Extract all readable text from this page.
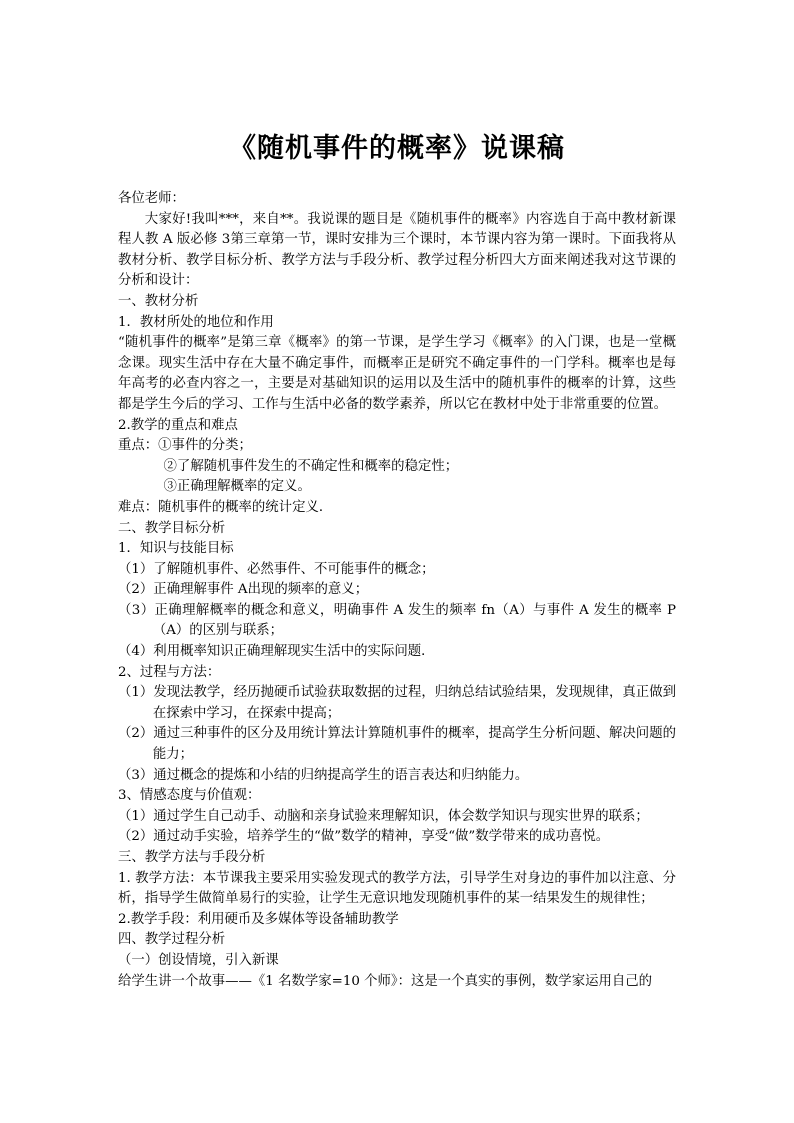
《随机事件的概率》说课稿

各位老师：

大家好!我叫***，来自**。我说课的题目是《随机事件的概率》内容选自于高中教材新课程人教 A 版必修 3第三章第一节，课时安排为三个课时，本节课内容为第一课时。下面我将从教材分析、教学目标分析、教学方法与手段分析、教学过程分析四大方面来阐述我对这节课的分析和设计：

一、教材分析

1．教材所处的地位和作用

“随机事件的概率”是第三章《概率》的第一节课，是学生学习《概率》的入门课，也是一堂概念课。现实生活中存在大量不确定事件，而概率正是研究不确定事件的一门学科。概率也是每年高考的必查内容之一，主要是对基础知识的运用以及生活中的随机事件的概率的计算，这些都是学生今后的学习、工作与生活中必备的数学素养，所以它在教材中处于非常重要的位置。

2.教学的重点和难点

重点：①事件的分类；

②了解随机事件发生的不确定性和概率的稳定性；

③正确理解概率的定义。

难点：随机事件的概率的统计定义．

二、教学目标分析

1．知识与技能目标

（1）了解随机事件、必然事件、不可能事件的概念；

（2）正确理解事件 A出现的频率的意义；

（3）正确理解概率的概念和意义，明确事件 A 发生的频率 fn（A）与事件 A 发生的概率 P（A）的区别与联系；

（4）利用概率知识正确理解现实生活中的实际问题．

2、过程与方法：

（1）发现法教学，经历抛硬币试验获取数据的过程，归纳总结试验结果，发现规律，真正做到在探索中学习，在探索中提高；

（2）通过三种事件的区分及用统计算法计算随机事件的概率，提高学生分析问题、解决问题的能力；

（3）通过概念的提炼和小结的归纳提高学生的语言表达和归纳能力。

3、情感态度与价值观：

（1）通过学生自己动手、动脑和亲身试验来理解知识，体会数学知识与现实世界的联系；

（2）通过动手实验，培养学生的“做”数学的精神，享受“做”数学带来的成功喜悦。

三、教学方法与手段分析

1. 教学方法：本节课我主要采用实验发现式的教学方法，引导学生对身边的事件加以注意、分析，指导学生做简单易行的实验，让学生无意识地发现随机事件的某一结果发生的规律性；

2.教学手段：利用硬币及多媒体等设备辅助教学

四、教学过程分析

（一）创设情境，引入新课

给学生讲一个故事——《1 名数学家=10 个师》：这是一个真实的事例，数学家运用自己的
